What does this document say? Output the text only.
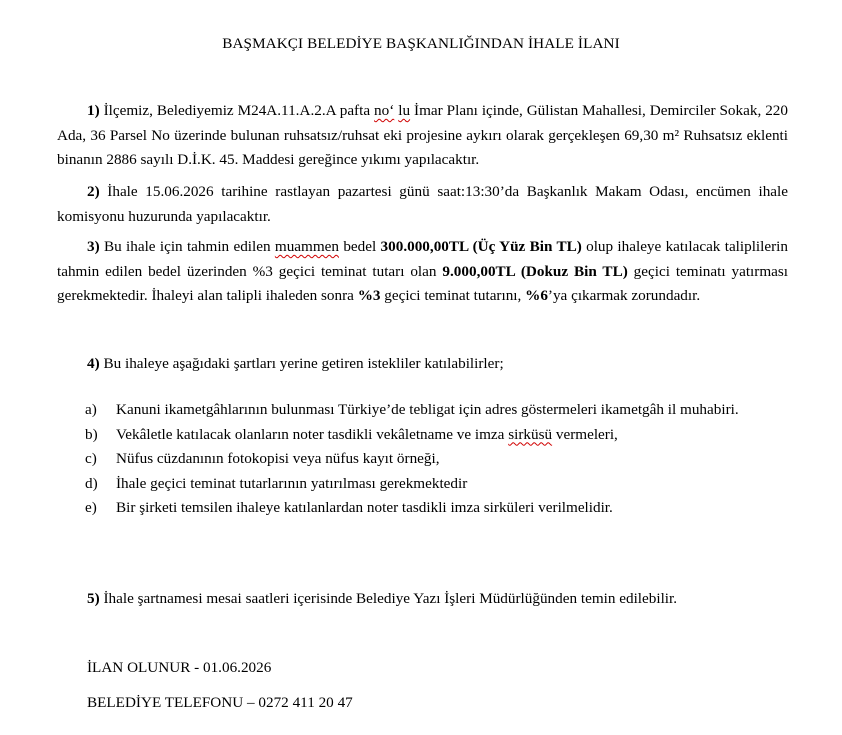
BAŞMAKÇI BELEDİYE BAŞKANLIĞINDAN İHALE İLANI

1) İlçemiz, Belediyemiz M24A.11.A.2.A pafta no‘ lu İmar Planı içinde, Gülistan Mahallesi, Demirciler Sokak, 220 Ada, 36 Parsel No üzerinde bulunan ruhsatsız/ruhsat eki projesine aykırı olarak gerçekleşen 69,30 m² Ruhsatsız eklenti binanın 2886 sayılı D.İ.K. 45. Maddesi gereğince yıkımı yapılacaktır.

2) İhale 15.06.2026 tarihine rastlayan pazartesi günü saat:13:30’da Başkanlık Makam Odası, encümen ihale komisyonu huzurunda yapılacaktır.

3) Bu ihale için tahmin edilen muammen bedel 300.000,00TL (Üç Yüz Bin TL) olup ihaleye katılacak taliplilerin tahmin edilen bedel üzerinden %3 geçici teminat tutarı olan 9.000,00TL (Dokuz Bin TL) geçici teminatı yatırması gerekmektedir. İhaleyi alan talipli ihaleden sonra %3 geçici teminat tutarını, %6’ya çıkarmak zorundadır.

4) Bu ihaleye aşağıdaki şartları yerine getiren istekliler katılabilirler;

a) Kanuni ikametgâhlarının bulunması Türkiye’de tebligat için adres göstermeleri ikametgâh il muhabiri.
b) Vekâletle katılacak olanların noter tasdikli vekâletname ve imza sirküsü vermeleri,
c) Nüfus cüzdanının fotokopisi veya nüfus kayıt örneği,
d) İhale geçici teminat tutarlarının yatırılması gerekmektedir
e) Bir şirketi temsilen ihaleye katılanlardan noter tasdikli imza sirküleri verilmelidir.
5) İhale şartnamesi mesai saatleri içerisinde Belediye Yazı İşleri Müdürlüğünden temin edilebilir.
İLAN OLUNUR - 01.06.2026
BELEDİYE TELEFONU – 0272 411 20 47
